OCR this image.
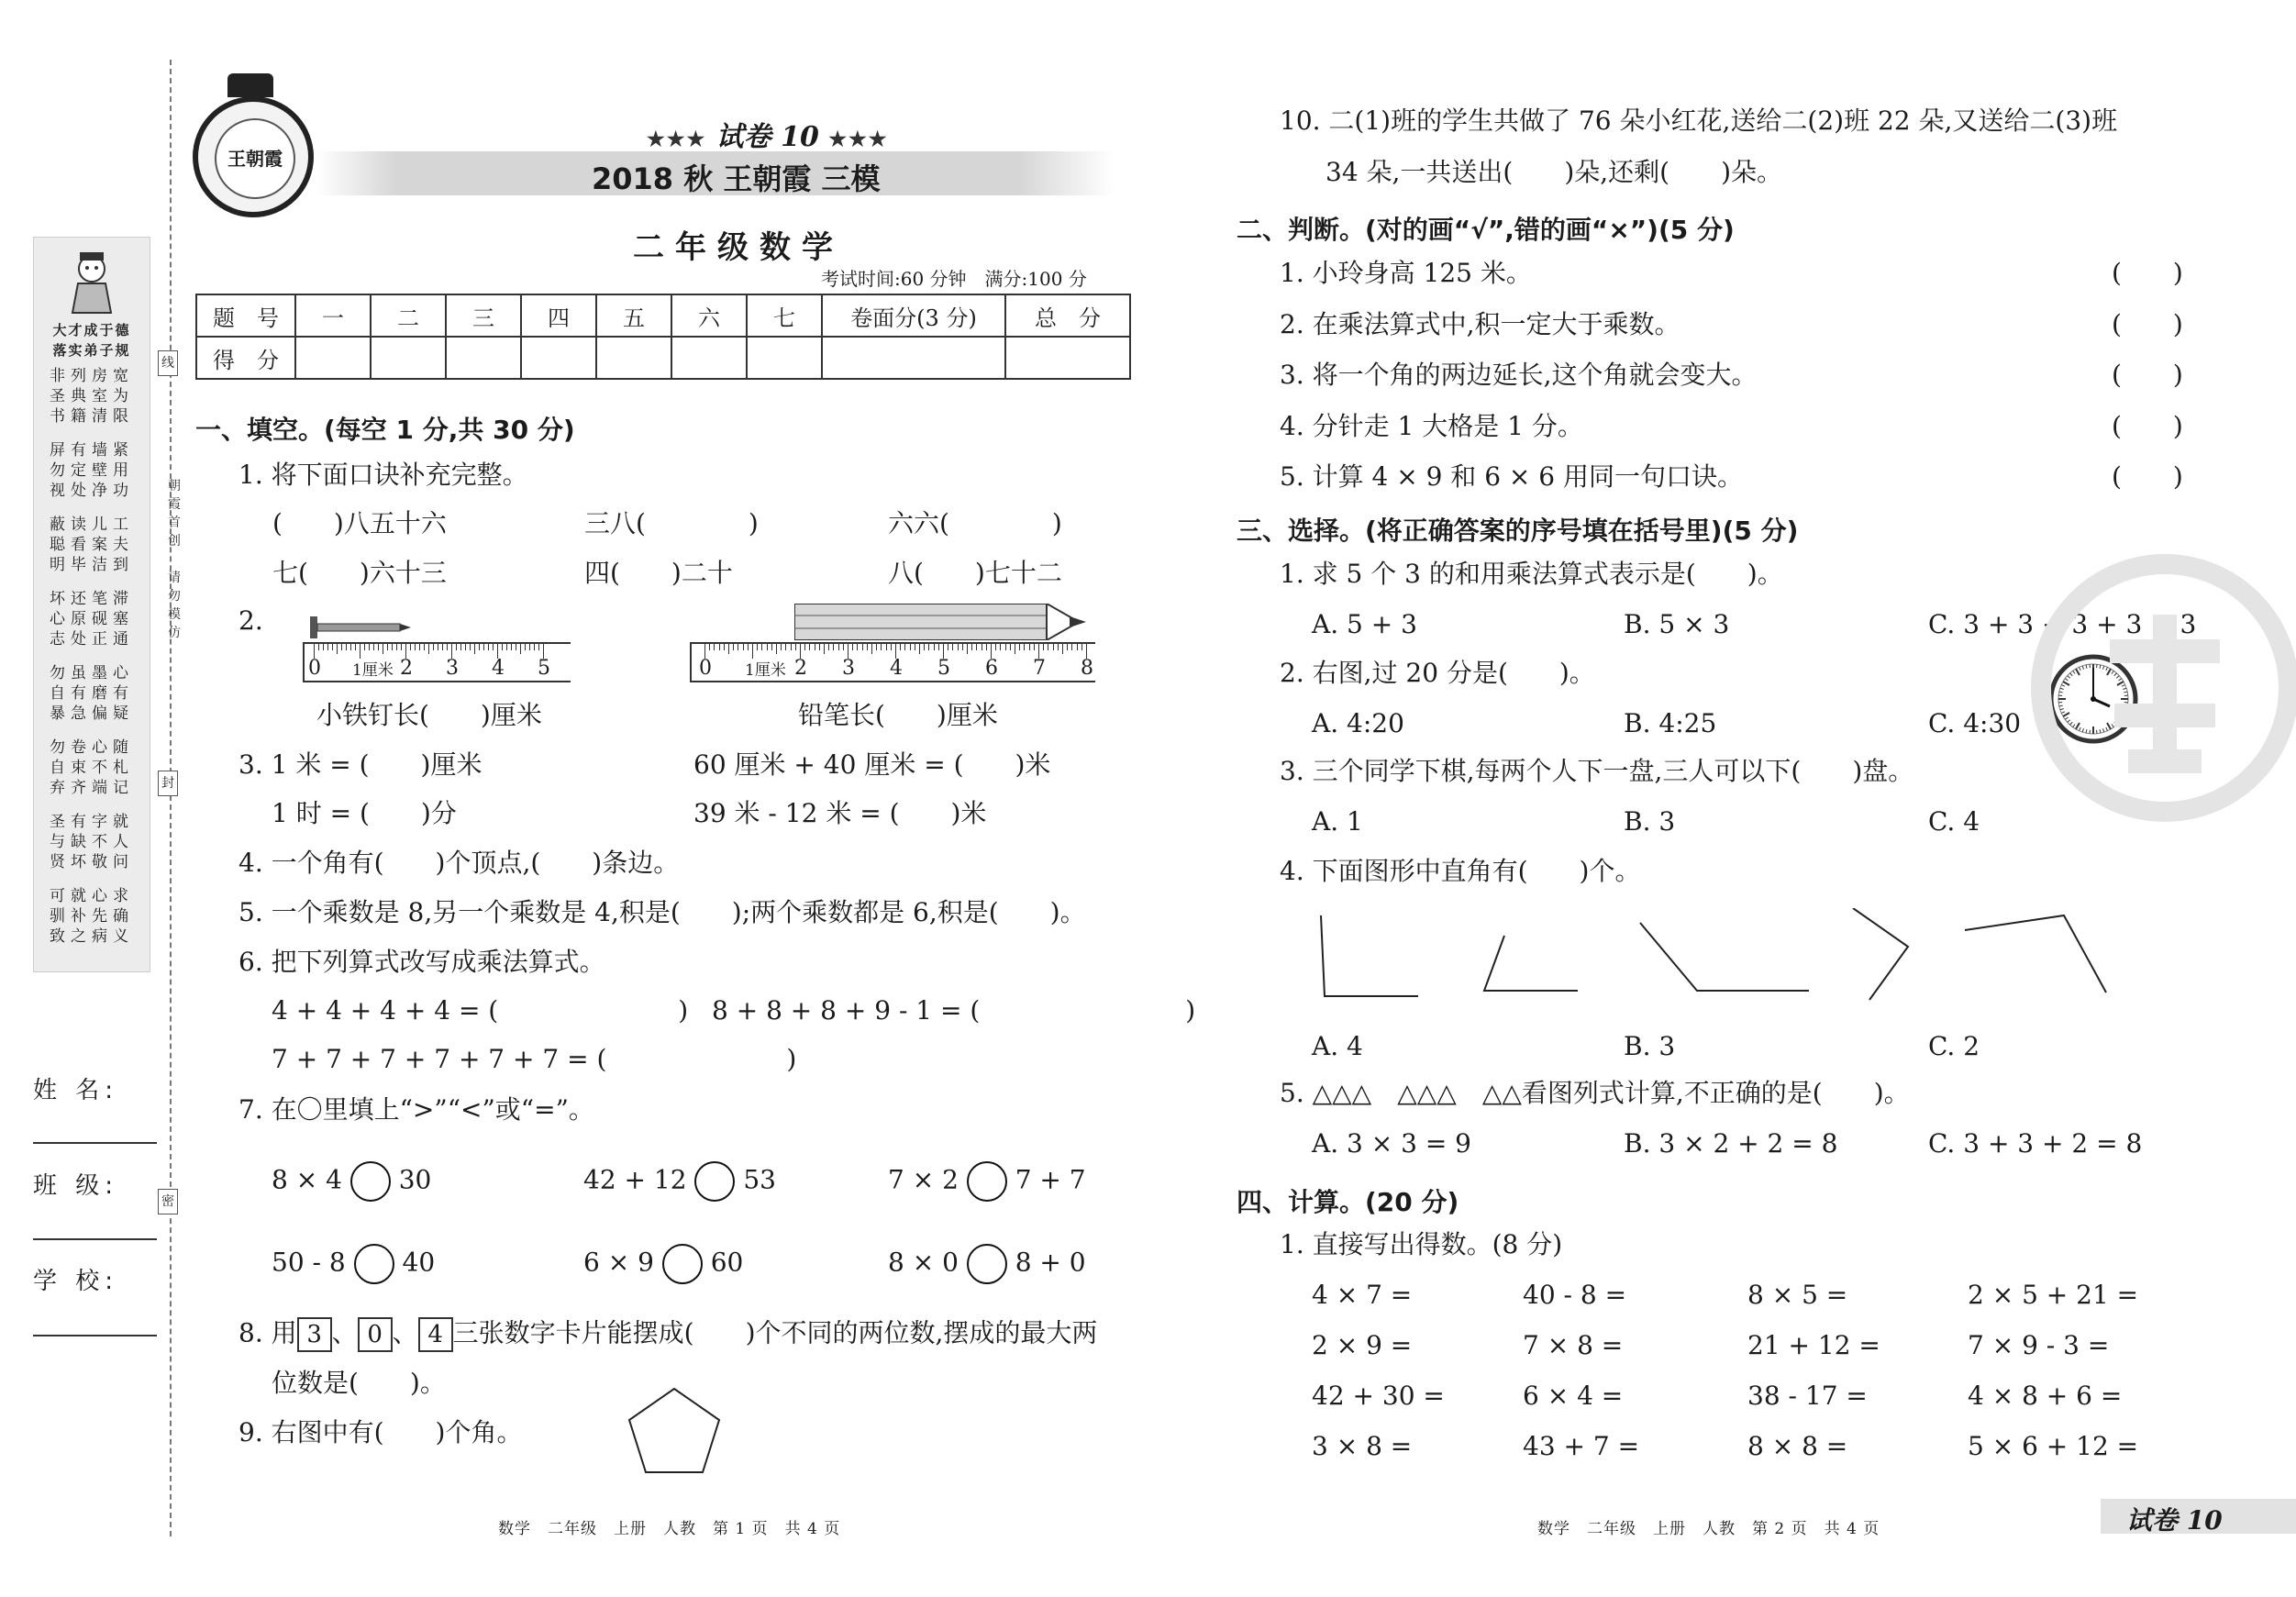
大才成于德
落实弟子规
非列房宽
圣典室为
书籍清限
屏有墙紧
勿定壁用
视处净功
蔽读儿工
聪看案夫
明毕洁到
坏还笔滞
心原砚塞
志处正通
勿虽墨心
自有磨有
暴急偏疑
勿卷心随
自束不札
弃齐端记
圣有字就
与缺不人
贤坏敬问
可就心求
驯补先确
致之病义
姓 名:
班 级:
学 校:
线
封
密
朝霞首创
请勿模仿
王朝霞
★★★ 试卷 10 ★★★
2018 秋 王朝霞 三模
二年级数学
考试时间:60 分钟　满分:100 分
题　号	一	二	三	四	五	六	七	卷面分(3 分)	总　分
得　分									
一、填空。(每空 1 分,共 30 分)
1. 将下面口诀补充完整。
(　　)八五十六	三八(　　　　)	六六(　　　　)
七(　　)六十三	四(　　)二十	八(　　)七十二
2.
0 1厘米 2 3 4 5
小铁钉长(　　)厘米
0 1厘米 2 3 4 5 6 7 8
铅笔长(　　)厘米
3. 1 米 = (　　)厘米	60 厘米 + 40 厘米 = (　　)米
1 时 = (　　)分	39 米 - 12 米 = (　　)米
4. 一个角有(　　)个顶点,(　　)条边。
5. 一个乘数是 8,另一个乘数是 4,积是(　　);两个乘数都是 6,积是(　　)。
6. 把下列算式改写成乘法算式。
4 + 4 + 4 + 4 = (　　　　　　　) 8 + 8 + 8 + 9 - 1 = (　　　　　　　　)
7 + 7 + 7 + 7 + 7 + 7 = (　　　　　　　)
7. 在〇里填上“>”“<”或“=”。
8 × 4 30	42 + 12 53	7 × 2 7 + 7
50 - 8 40	6 × 9 60	8 × 0 8 + 0
8. 用 3 、 0 、 4 三张数字卡片能摆成(　　)个不同的两位数,摆成的最大两
位数是(　　)。
9. 右图中有(　　)个角。
数学　二年级　上册　人教　第 1 页　共 4 页
10. 二(1)班的学生共做了 76 朵小红花,送给二(2)班 22 朵,又送给二(3)班
34 朵,一共送出(　　)朵,还剩(　　)朵。
二、判断。(对的画“√”,错的画“×”)(5 分)
1. 小玲身高 125 米。	(　　)
2. 在乘法算式中,积一定大于乘数。	(　　)
3. 将一个角的两边延长,这个角就会变大。	(　　)
4. 分针走 1 大格是 1 分。	(　　)
5. 计算 4 × 9 和 6 × 6 用同一句口诀。	(　　)
三、选择。(将正确答案的序号填在括号里)(5 分)
1. 求 5 个 3 的和用乘法算式表示是(　　)。
A. 5 + 3	B. 5 × 3	C. 3 + 3 + 3 + 3 + 3
2. 右图,过 20 分是(　　)。
A. 4:20	B. 4:25	C. 4:30
3. 三个同学下棋,每两个人下一盘,三人可以下(　　)盘。
A. 1	B. 3	C. 4
4. 下面图形中直角有(　　)个。
A. 4	B. 3	C. 2
5. △△△　△△△　△△看图列式计算,不正确的是(　　)。
A. 3 × 3 = 9	B. 3 × 2 + 2 = 8	C. 3 + 3 + 2 = 8
四、计算。(20 分)
1. 直接写出得数。(8 分)
4 × 7 =	40 - 8 =	8 × 5 =	2 × 5 + 21 =
2 × 9 =	7 × 8 =	21 + 12 =	7 × 9 - 3 =
42 + 30 =	6 × 4 =	38 - 17 =	4 × 8 + 6 =
3 × 8 =	43 + 7 =	8 × 8 =	5 × 6 + 12 =
数学　二年级　上册　人教　第 2 页　共 4 页	试卷 10
